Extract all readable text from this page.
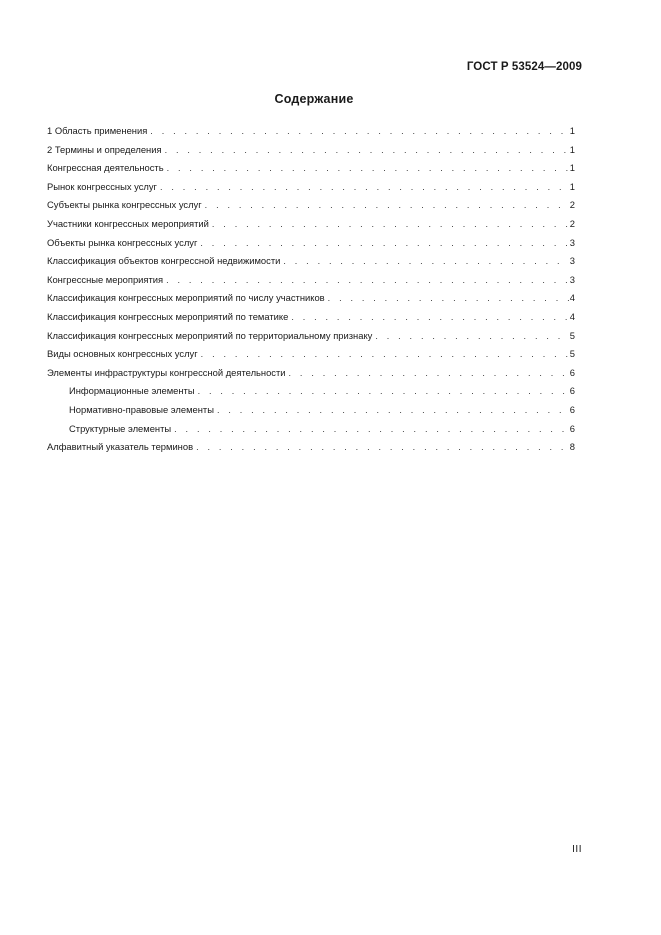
ГОСТ Р 53524—2009
Содержание
1 Область применения . . .	1
2 Термины и определения . . .	1
Конгрессная деятельность . . .	1
Рынок конгрессных услуг . . .	1
Субъекты рынка конгрессных услуг . . .	2
Участники конгрессных мероприятий . . .	2
Объекты рынка конгрессных услуг . . .	3
Классификация объектов конгрессной недвижимости . . .	3
Конгрессные мероприятия . . .	3
Классификация конгрессных мероприятий по числу участников . . .	4
Классификация конгрессных мероприятий по тематике . . .	4
Классификация конгрессных мероприятий по территориальному признаку . . .	5
Виды основных конгрессных услуг . . .	5
Элементы инфраструктуры конгрессной деятельности . . .	6
Информационные элементы . . .	6
Нормативно-правовые элементы . . .	6
Структурные элементы . . .	6
Алфавитный указатель терминов . . .	8
III
